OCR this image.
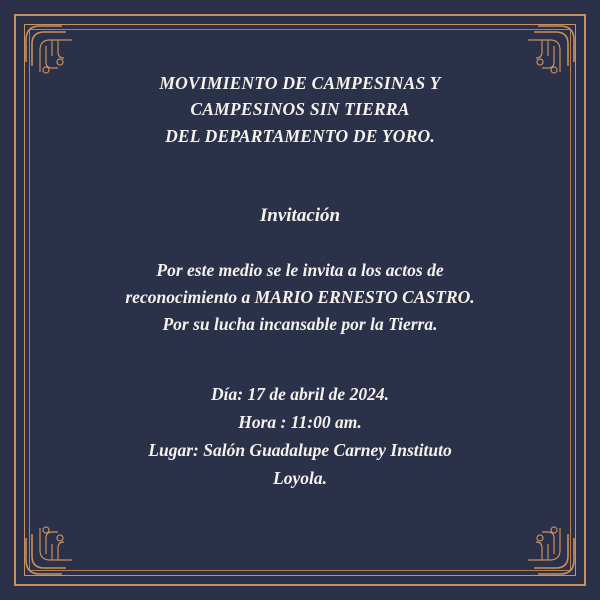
MOVIMIENTO DE CAMPESINAS Y
CAMPESINOS SIN TIERRA
DEL DEPARTAMENTO DE YORO.
Invitación
Por este medio se le invita a los actos de
reconocimiento a MARIO ERNESTO CASTRO.
Por su lucha incansable por la Tierra.
Día: 17 de abril de 2024.
Hora : 11:00 am.
Lugar: Salón Guadalupe Carney Instituto
Loyola.
